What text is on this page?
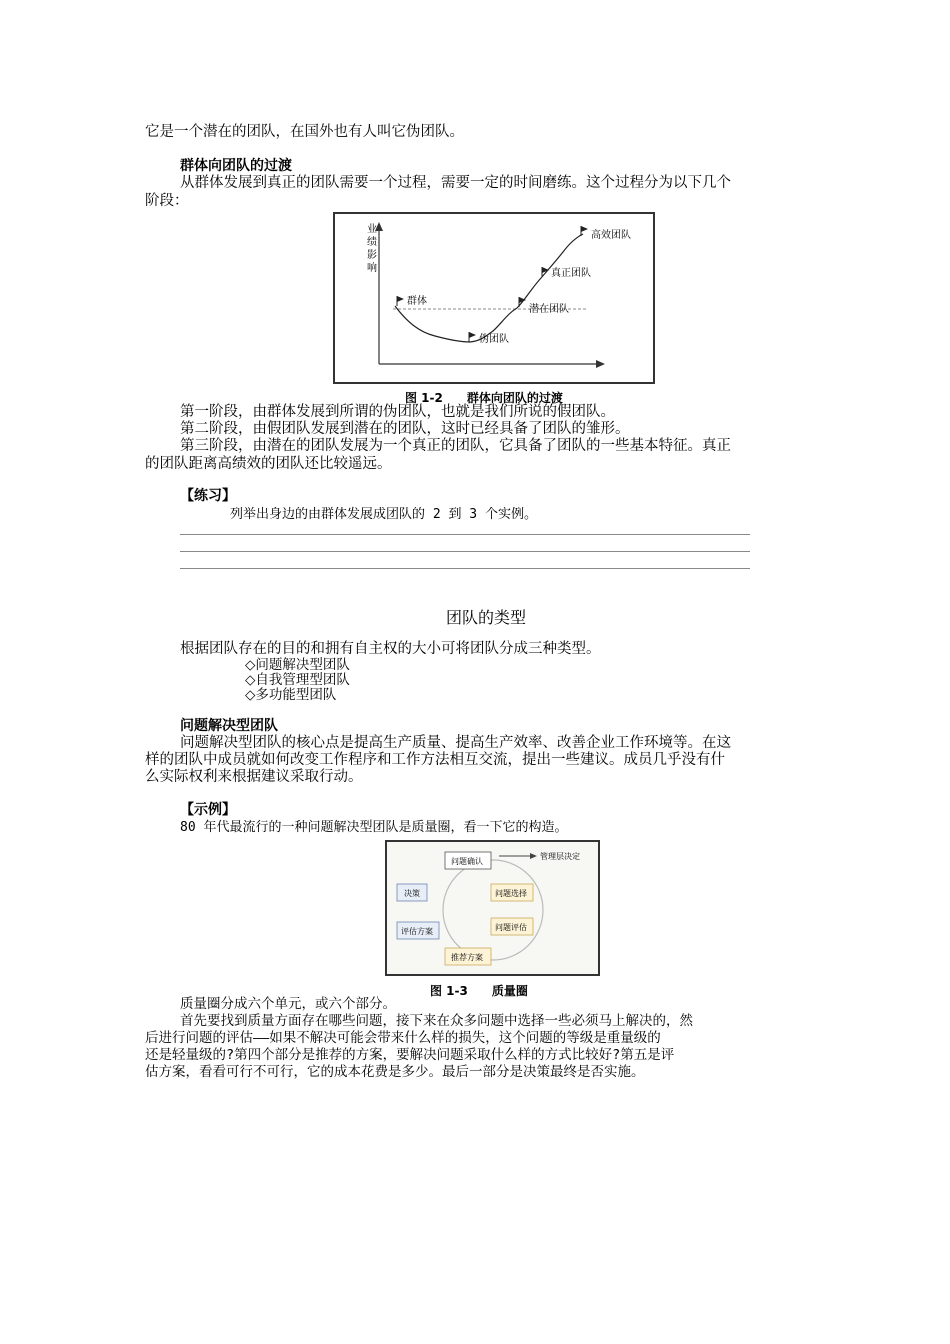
它是一个潜在的团队，在国外也有人叫它伪团队。
群体向团队的过渡
从群体发展到真正的团队需要一个过程，需要一定的时间磨练。这个过程分为以下几个
阶段：
业
绩
影
响
群体
伪团队
潜在团队
真正团队
高效团队
图 1-2　　群体向团队的过渡
第一阶段，由群体发展到所谓的伪团队，也就是我们所说的假团队。
第二阶段，由假团队发展到潜在的团队，这时已经具备了团队的雏形。
第三阶段，由潜在的团队发展为一个真正的团队，它具备了团队的一些基本特征。真正
的团队距离高绩效的团队还比较遥远。
【练习】
列举出身边的由群体发展成团队的 2 到 3 个实例。
团队的类型
根据团队存在的目的和拥有自主权的大小可将团队分成三种类型。
◇问题解决型团队
◇自我管理型团队
◇多功能型团队
问题解决型团队
问题解决型团队的核心点是提高生产质量、提高生产效率、改善企业工作环境等。在这
样的团队中成员就如何改变工作程序和工作方法相互交流，提出一些建议。成员几乎没有什
么实际权利来根据建议采取行动。
【示例】
80 年代最流行的一种问题解决型团队是质量圈，看一下它的构造。
管理层决定
问题确认
问题选择
问题评估
推荐方案
评估方案
决策
图 1-3　　质量圈
质量圈分成六个单元，或六个部分。
首先要找到质量方面存在哪些问题，接下来在众多问题中选择一些必须马上解决的，然
后进行问题的评估——如果不解决可能会带来什么样的损失，这个问题的等级是重量级的
还是轻量级的?第四个部分是推荐的方案，要解决问题采取什么样的方式比较好?第五是评
估方案，看看可行不可行，它的成本花费是多少。最后一部分是决策最终是否实施。
